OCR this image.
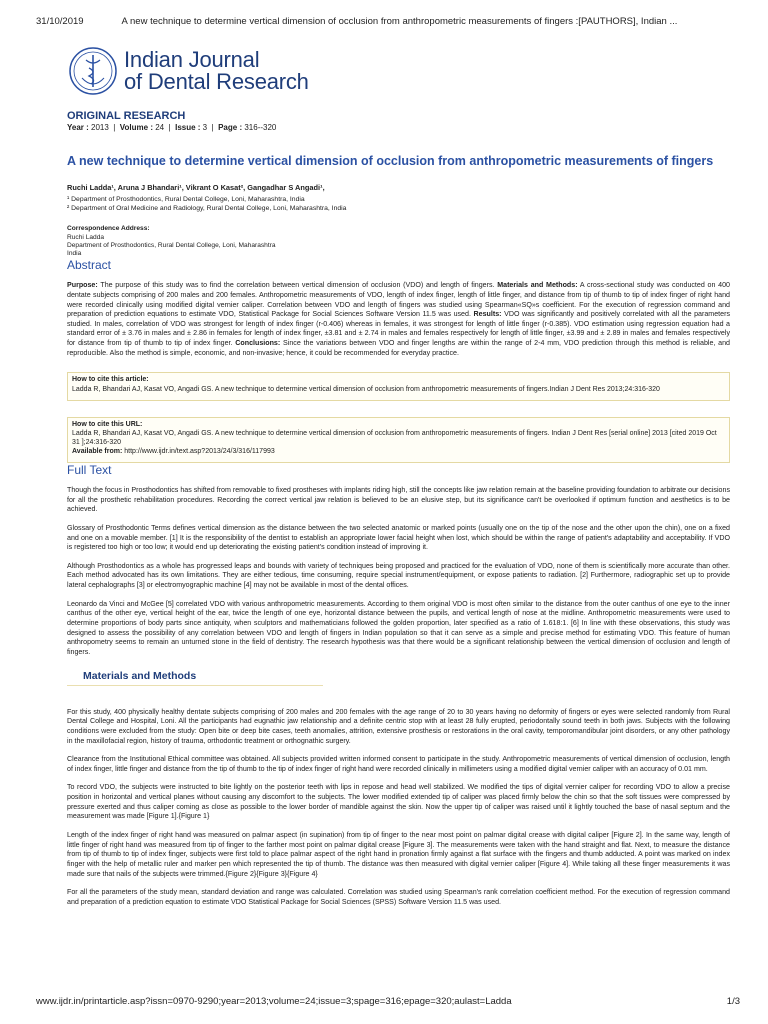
31/10/2019	A new technique to determine vertical dimension of occlusion from anthropometric measurements of fingers :[PAUTHORS], Indian ...
Indian Journal
of Dental Research
ORIGINAL RESEARCH
Year : 2013  |  Volume : 24  |  Issue : 3  |  Page : 316--320
A new technique to determine vertical dimension of occlusion from anthropometric measurements of fingers
Ruchi Ladda¹, Aruna J Bhandari¹, Vikrant O Kasat², Gangadhar S Angadi¹,
¹ Department of Prosthodontics, Rural Dental College, Loni, Maharashtra, India
² Department of Oral Medicine and Radiology, Rural Dental College, Loni, Maharashtra, India
Correspondence Address:
Ruchi Ladda
Department of Prosthodontics, Rural Dental College, Loni, Maharashtra
India
Abstract

Purpose: The purpose of this study was to find the correlation between vertical dimension of occlusion (VDO) and length of fingers. Materials and Methods: A cross-sectional study was conducted on 400 dentate subjects comprising of 200 males and 200 females. Anthropometric measurements of VDO, length of index finger, length of little finger, and distance from tip of thumb to tip of index finger of right hand were recorded clinically using modified digital vernier caliper. Correlation between VDO and length of fingers was studied using Spearman«SQ»s coefficient. For the execution of regression command and preparation of prediction equations to estimate VDO, Statistical Package for Social Sciences Software Version 11.5 was used. Results: VDO was significantly and positively correlated with all the parameters studied. In males, correlation of VDO was strongest for length of index finger (r-0.406) whereas in females, it was strongest for length of little finger (r-0.385). VDO estimation using regression equation had a standard error of ± 3.76 in males and ± 2.86 in females for length of index finger, ±3.81 and ± 2.74 in males and females respectively for length of little finger, ±3.99 and ± 2.89 in males and females respectively for distance from tip of thumb to tip of index finger. Conclusions: Since the variations between VDO and finger lengths are within the range of 2-4 mm, VDO prediction through this method is reliable, and reproducible. Also the method is simple, economic, and non-invasive; hence, it could be recommended for everyday practice.

How to cite this article:
Ladda R, Bhandari AJ, Kasat VO, Angadi GS. A new technique to determine vertical dimension of occlusion from anthropometric measurements of fingers.Indian J Dent Res 2013;24:316-320
How to cite this URL:
Ladda R, Bhandari AJ, Kasat VO, Angadi GS. A new technique to determine vertical dimension of occlusion from anthropometric measurements of fingers. Indian J Dent Res [serial online] 2013 [cited 2019 Oct 31 ];24:316-320
Available from: http://www.ijdr.in/text.asp?2013/24/3/316/117993
Full Text

Though the focus in Prosthodontics has shifted from removable to fixed prostheses with implants riding high, still the concepts like jaw relation remain at the baseline providing foundation to arbitrate our decisions for all the prosthetic rehabilitation procedures. Recording the correct vertical jaw relation is believed to be an elusive step, but its significance can't be overlooked if optimum function and aesthetics is to be achieved.

Glossary of Prosthodontic Terms defines vertical dimension as the distance between the two selected anatomic or marked points (usually one on the tip of the nose and the other upon the chin), one on a fixed and one on a movable member. [1] It is the responsibility of the dentist to establish an appropriate lower facial height when lost, which should be within the range of patient's adaptability and acceptability. If VDO is registered too high or too low; it would end up deteriorating the existing patient's condition instead of improving it.

Although Prosthodontics as a whole has progressed leaps and bounds with variety of techniques being proposed and practiced for the evaluation of VDO, none of them is scientifically more accurate than other. Each method advocated has its own limitations. They are either tedious, time consuming, require special instrument/equipment, or expose patients to radiation. [2] Furthermore, radiographic set up to provide lateral cephalographs [3] or electromyographic machine [4] may not be available in most of the dental offices.

Leonardo da Vinci and McGee [5] correlated VDO with various anthropometric measurements. According to them original VDO is most often similar to the distance from the outer canthus of one eye to the inner canthus of the other eye, vertical height of the ear, twice the length of one eye, horizontal distance between the pupils, and vertical length of nose at the midline. Anthropometric measurements were used to determine proportions of body parts since antiquity, when sculptors and mathematicians followed the golden proportion, later specified as a ratio of 1.618:1. [6] In line with these observations, this study was designed to assess the possibility of any correlation between VDO and length of fingers in Indian population so that it can serve as a simple and precise method for estimating VDO. This feature of human anthropometry seems to remain an unturned stone in the field of dentistry. The research hypothesis was that there would be a significant relationship between the vertical dimension of occlusion and length of fingers.

Materials and Methods

For this study, 400 physically healthy dentate subjects comprising of 200 males and 200 females with the age range of 20 to 30 years having no deformity of fingers or eyes were selected randomly from Rural Dental College and Hospital, Loni. All the participants had eugnathic jaw relationship and a definite centric stop with at least 28 fully erupted, periodontally sound teeth in both jaws. Subjects with the following conditions were excluded from the study: Open bite or deep bite cases, teeth anomalies, attrition, extensive prosthesis or restorations in the oral cavity, temporomandibular joint disorders, or any other pathology in the maxillofacial region, history of trauma, orthodontic treatment or orthognathic surgery.

Clearance from the Institutional Ethical committee was obtained. All subjects provided written informed consent to participate in the study. Anthropometric measurements of vertical dimension of occlusion, length of index finger, little finger and distance from the tip of thumb to the tip of index finger of right hand were recorded clinically in millimeters using a modified digital vernier caliper with an accuracy of 0.01 mm.

To record VDO, the subjects were instructed to bite lightly on the posterior teeth with lips in repose and head well stabilized. We modified the tips of digital vernier caliper for recording VDO to allow a precise position in horizontal and vertical planes without causing any discomfort to the subjects. The lower modified extended tip of caliper was placed firmly below the chin so that the soft tissues were compressed by pressure exerted and thus caliper coming as close as possible to the lower border of mandible against the skin. Now the upper tip of caliper was raised until it lightly touched the base of nasal septum and the measurement was made [Figure 1].{Figure 1}

Length of the index finger of right hand was measured on palmar aspect (in supination) from tip of finger to the near most point on palmar digital crease with digital caliper [Figure 2]. In the same way, length of little finger of right hand was measured from tip of finger to the farther most point on palmar digital crease [Figure 3]. The measurements were taken with the hand straight and flat. Next, to measure the distance from tip of thumb to tip of index finger, subjects were first told to place palmar aspect of the right hand in pronation firmly against a flat surface with the fingers and thumb adducted. A point was marked on index finger with the help of metallic ruler and marker pen which represented the tip of thumb. The distance was then measured with digital vernier caliper [Figure 4]. While taking all these finger measurements it was made sure that nails of the subjects were trimmed.{Figure 2}{Figure 3}{Figure 4}

For all the parameters of the study mean, standard deviation and range was calculated. Correlation was studied using Spearman's rank correlation coefficient method. For the execution of regression command and preparation of a prediction equation to estimate VDO Statistical Package for Social Sciences (SPSS) Software Version 11.5 was used.

www.ijdr.in/printarticle.asp?issn=0970-9290;year=2013;volume=24;issue=3;spage=316;epage=320;aulast=Ladda	1/3
